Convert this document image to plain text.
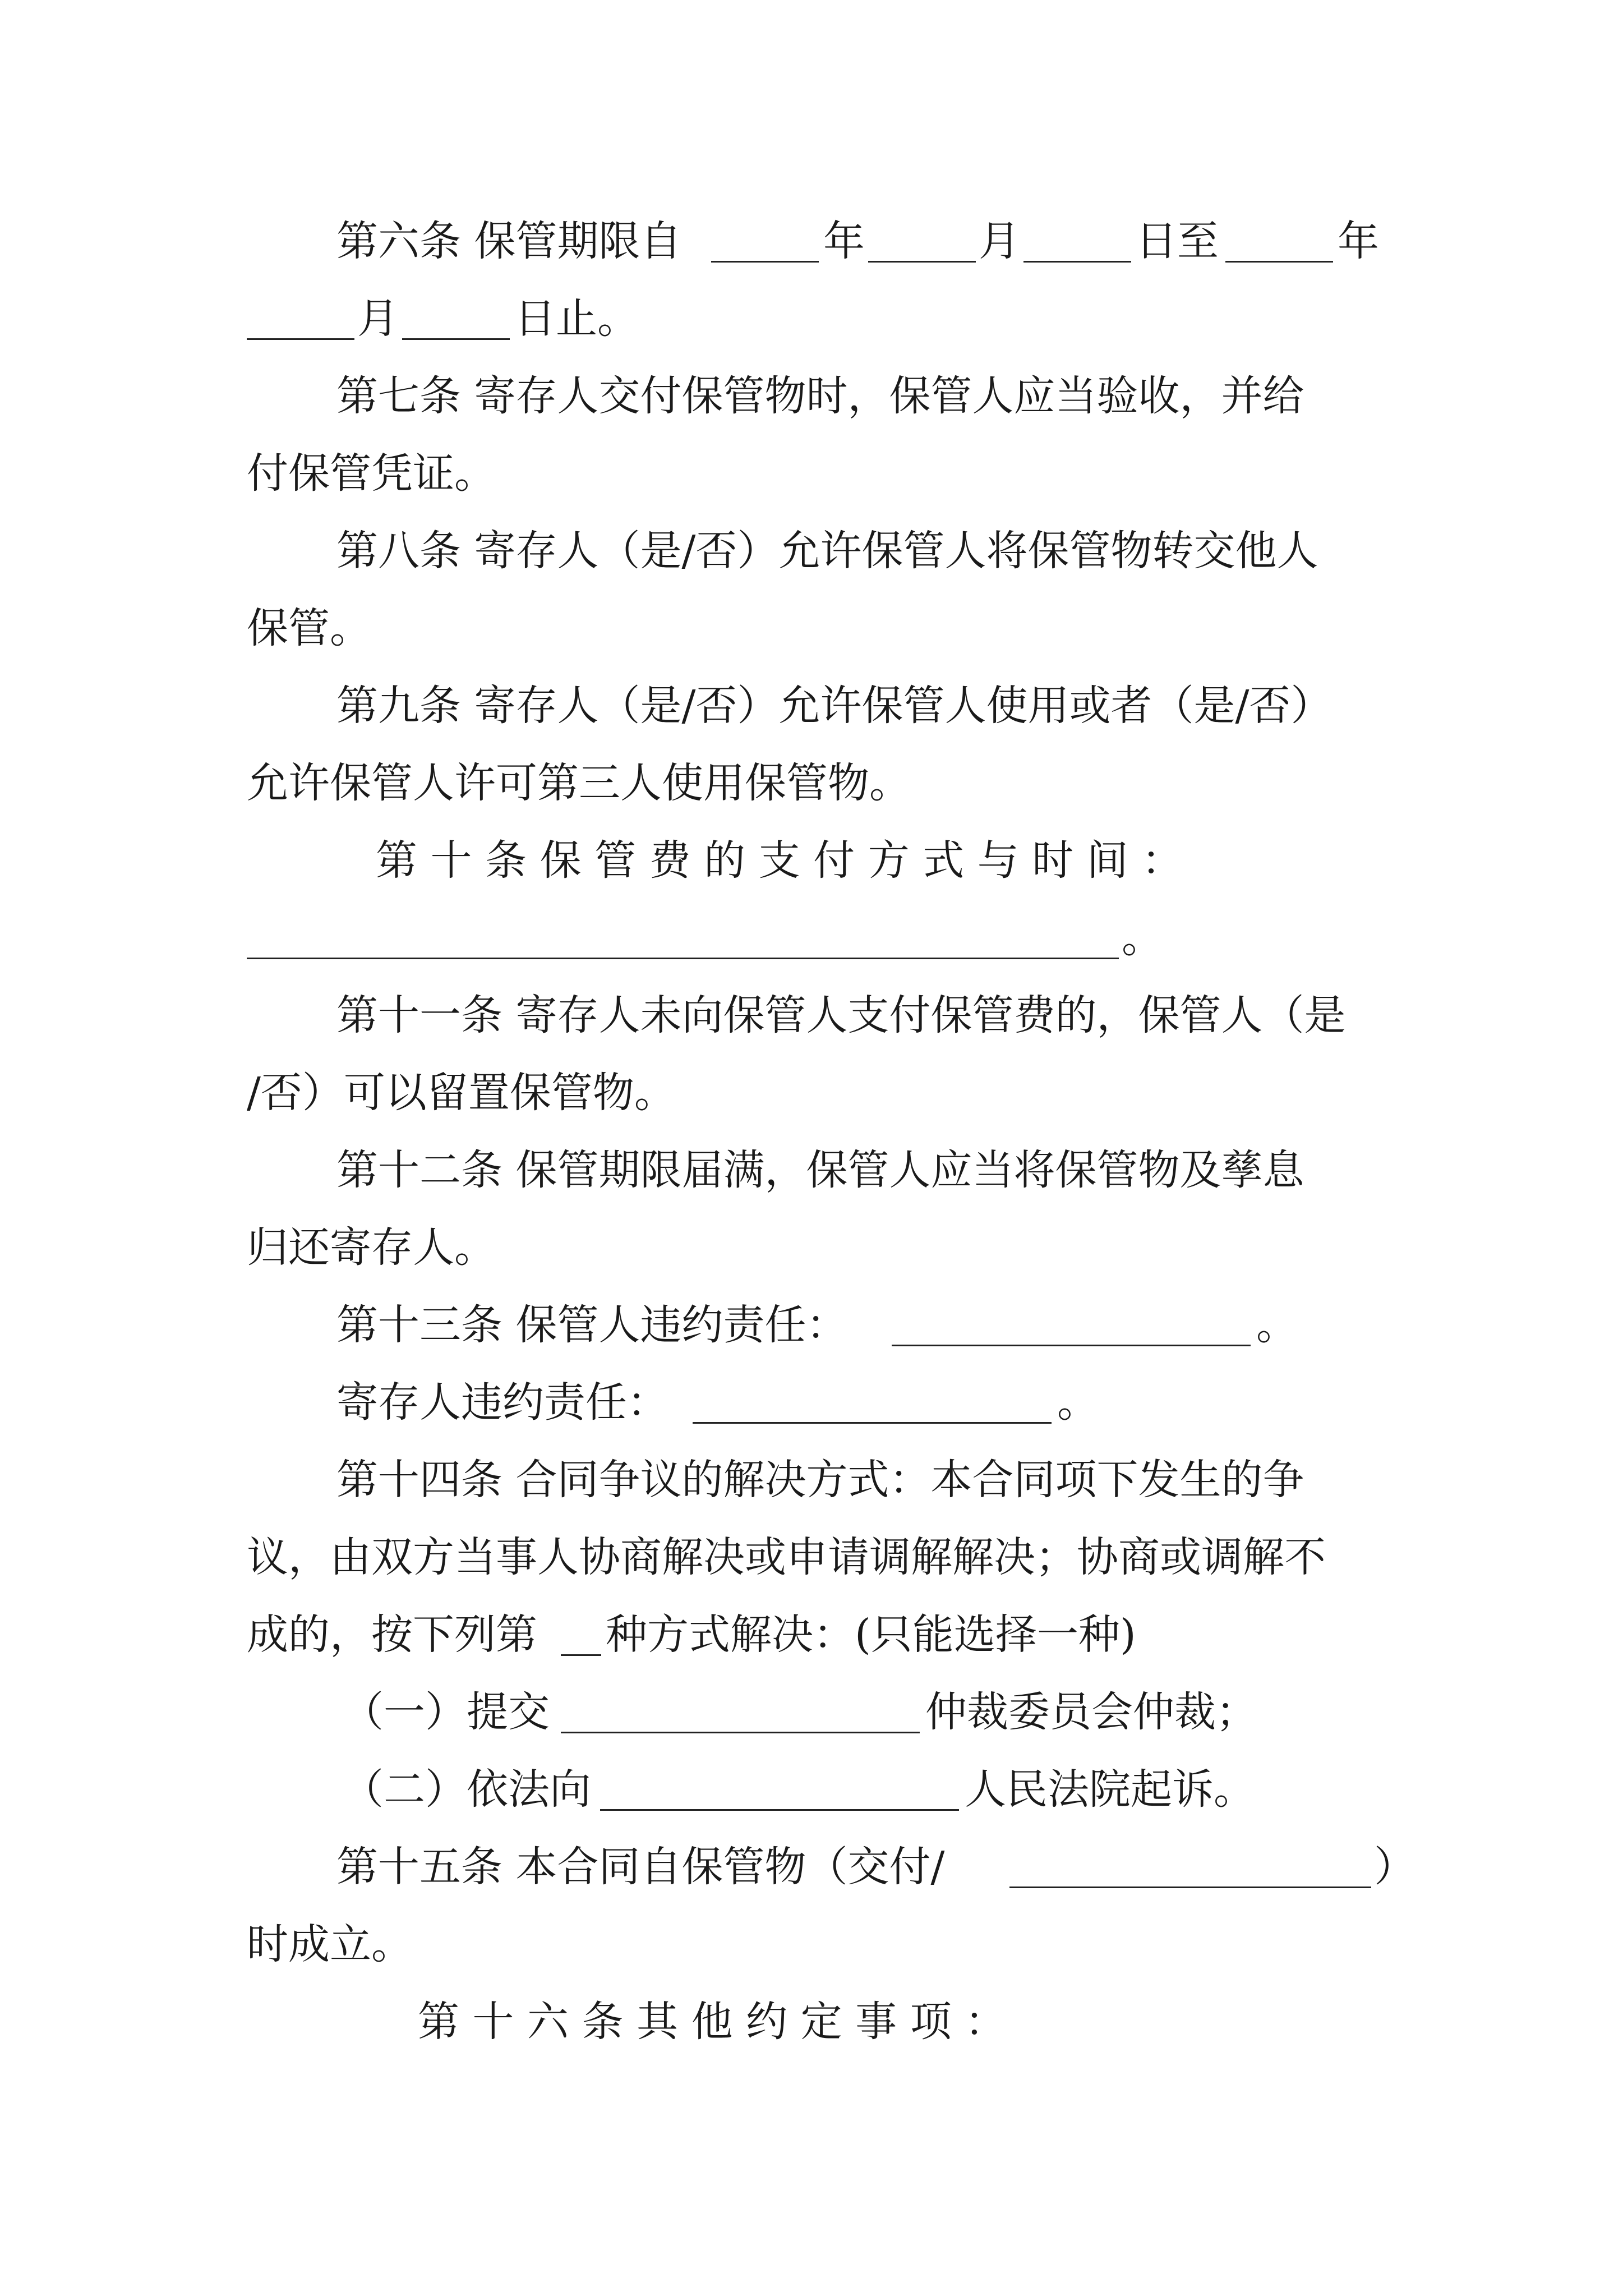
第六条 保管期限自	年	月	日至	年
月	日止。
第七条 寄存人交付保管物时，保管人应当验收，并给
付保管凭证。
第八条 寄存人（是/否）允许保管人将保管物转交他人
保管。
第九条 寄存人（是/否）允许保管人使用或者（是/否）
允许保管人许可第三人使用保管物。
第 十 条 保 管 费 的 支 付 方 式 与 时 间 ：
。
第十一条 寄存人未向保管人支付保管费的，保管人（是
/否）可以留置保管物。
第十二条 保管期限届满，保管人应当将保管物及孳息
归还寄存人。
第十三条 保管人违约责任：	。
寄存人违约责任：	。
第十四条 合同争议的解决方式：本合同项下发生的争
议，由双方当事人协商解决或申请调解解决；协商或调解不
成的，按下列第 种方式解决：(只能选择一种)
（一）提交	仲裁委员会仲裁；
（二）依法向	人民法院起诉。
第十五条 本合同自保管物（交付/	）
时成立。
第 十 六 条 其 他 约 定 事 项 ：
